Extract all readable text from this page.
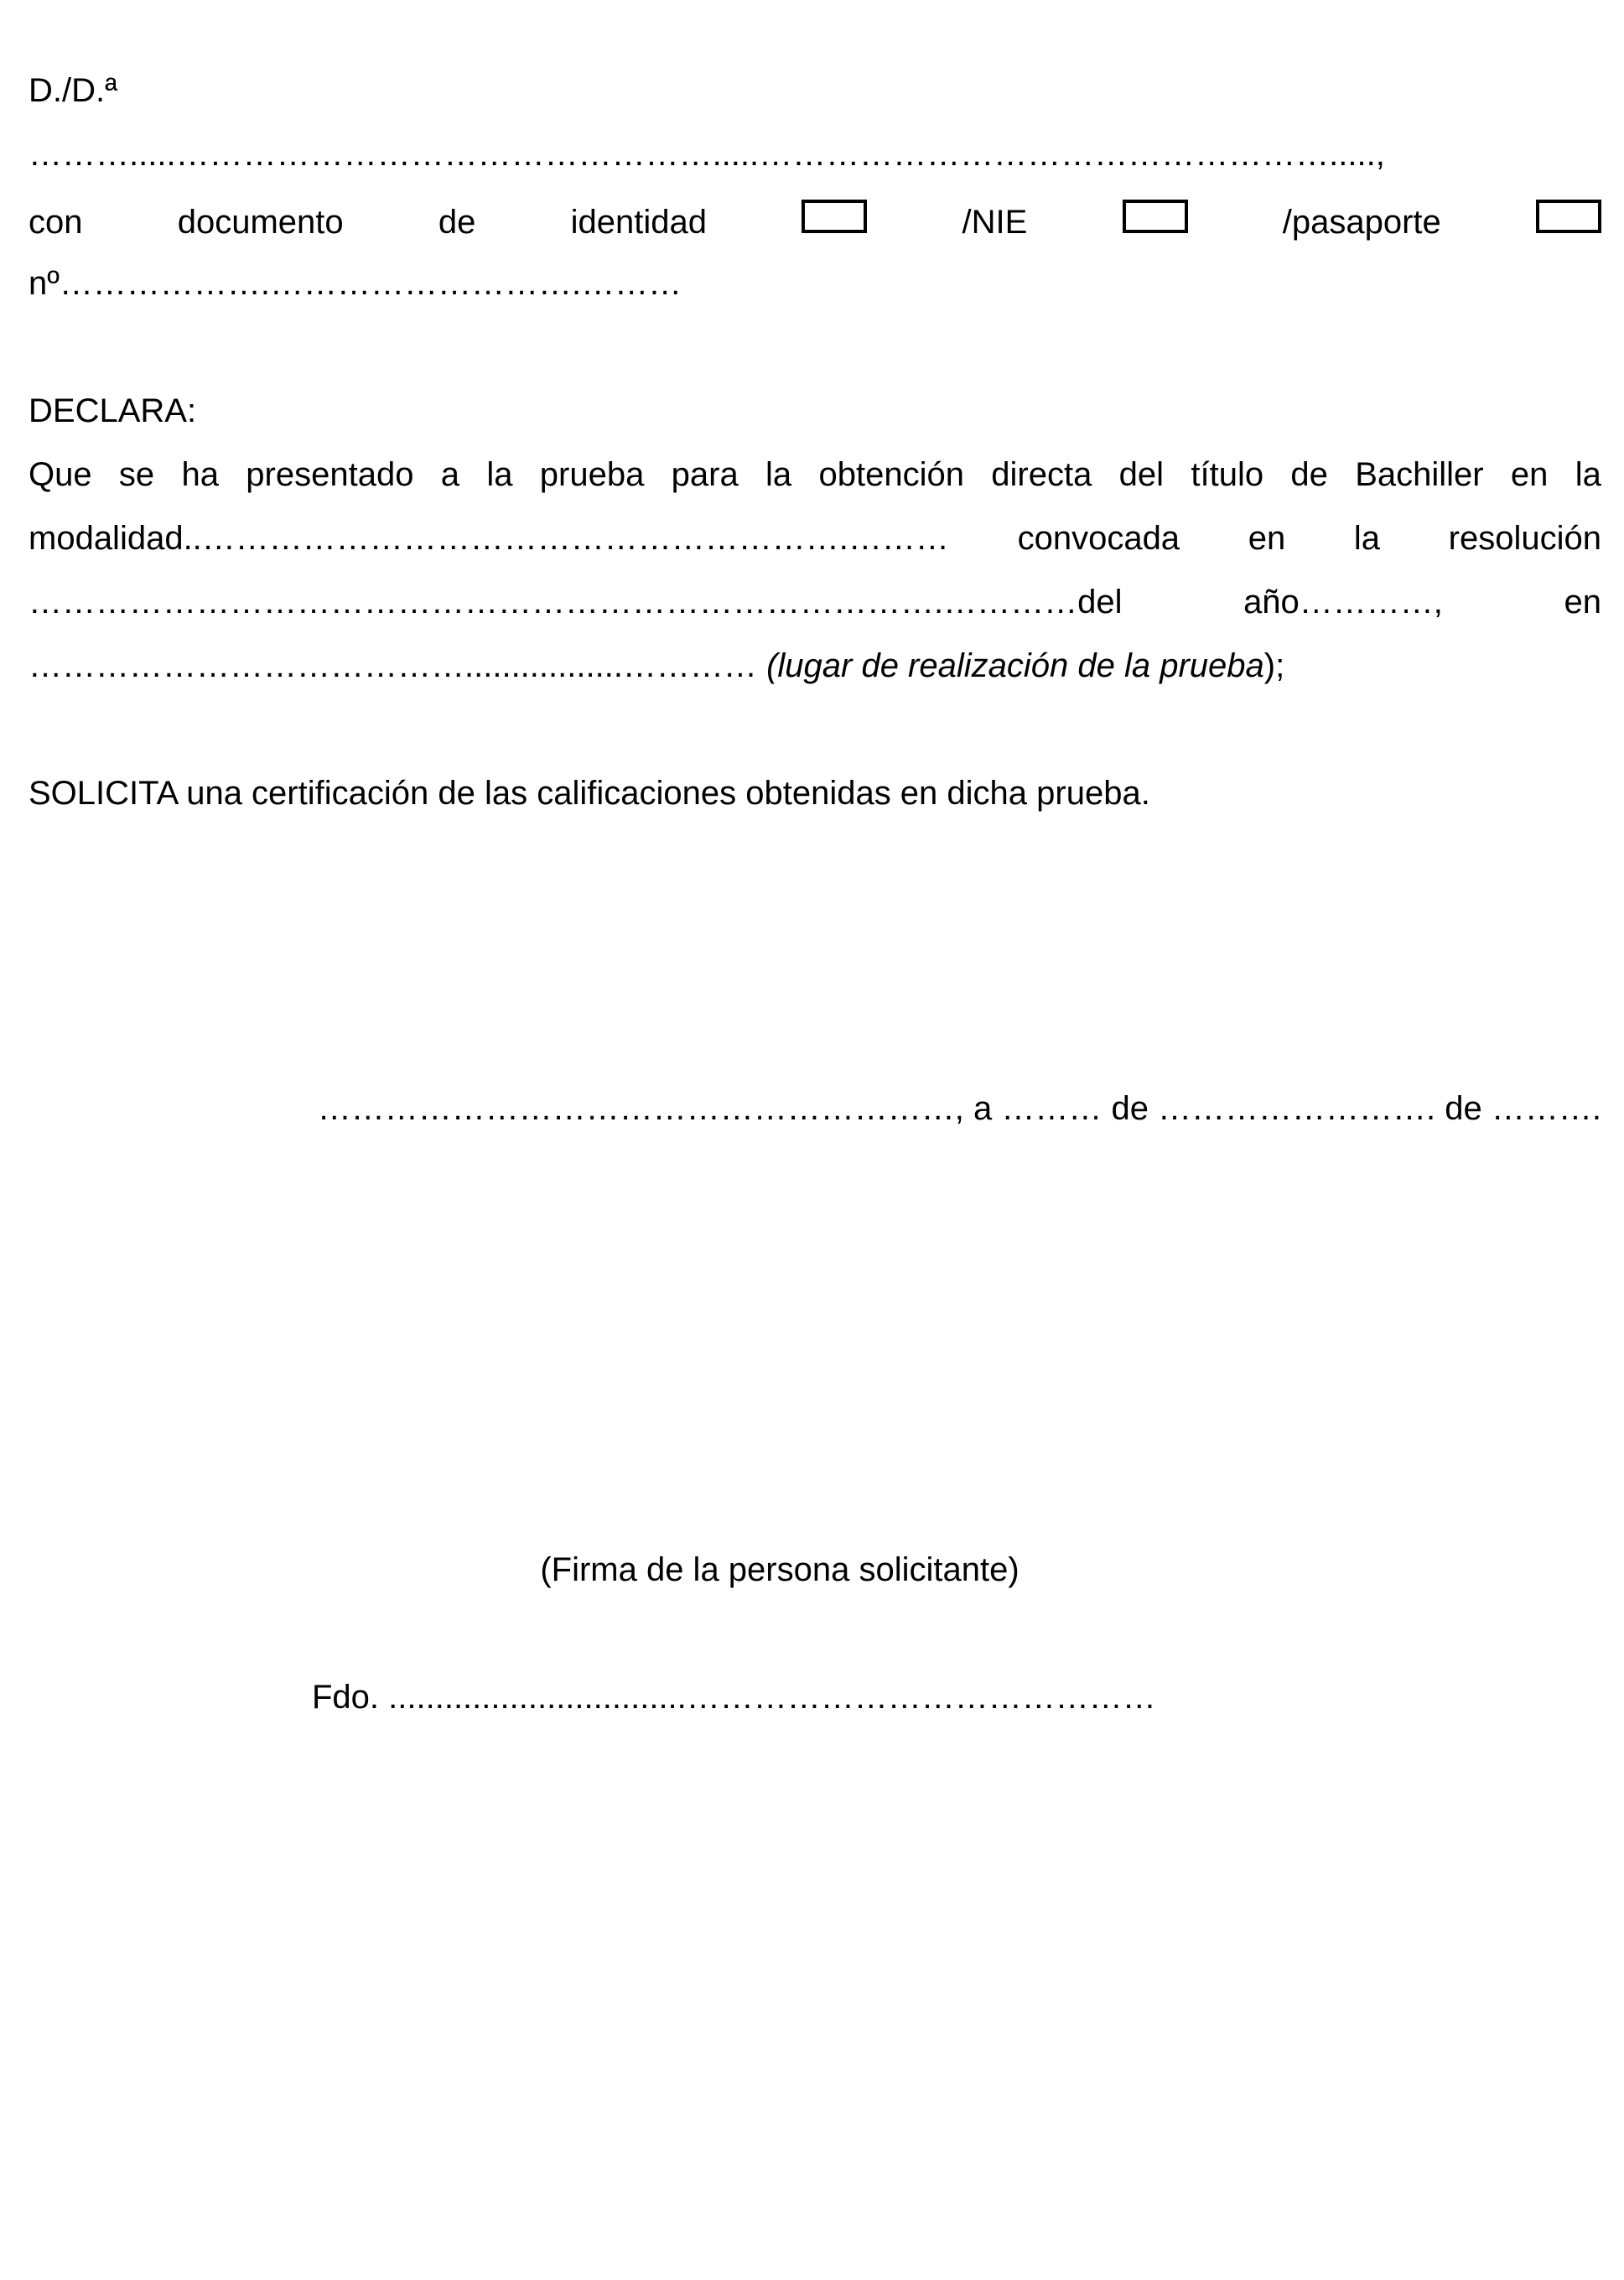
D./D.ª
……….....………………………………………….....…………………………………………….....,
con	documento	de	identidad	/NIE	/pasaporte
nº……………….……………………….………
DECLARA:
Que se ha presentado a la prueba para la obtención directa del título de Bachiller en la
modalidad..………………………………………………….……… convocada en la resolución
……………………………………………………………………….…………del	año…………,	en
………………………………….................………… (lugar de realización de la prueba);
SOLICITA una certificación de las calificaciones obtenidas en dicha prueba.
…………………………………………………, a ……… de ……………………. de ……….
(Firma de la persona solicitante)
Fdo. ................................……………………………………
